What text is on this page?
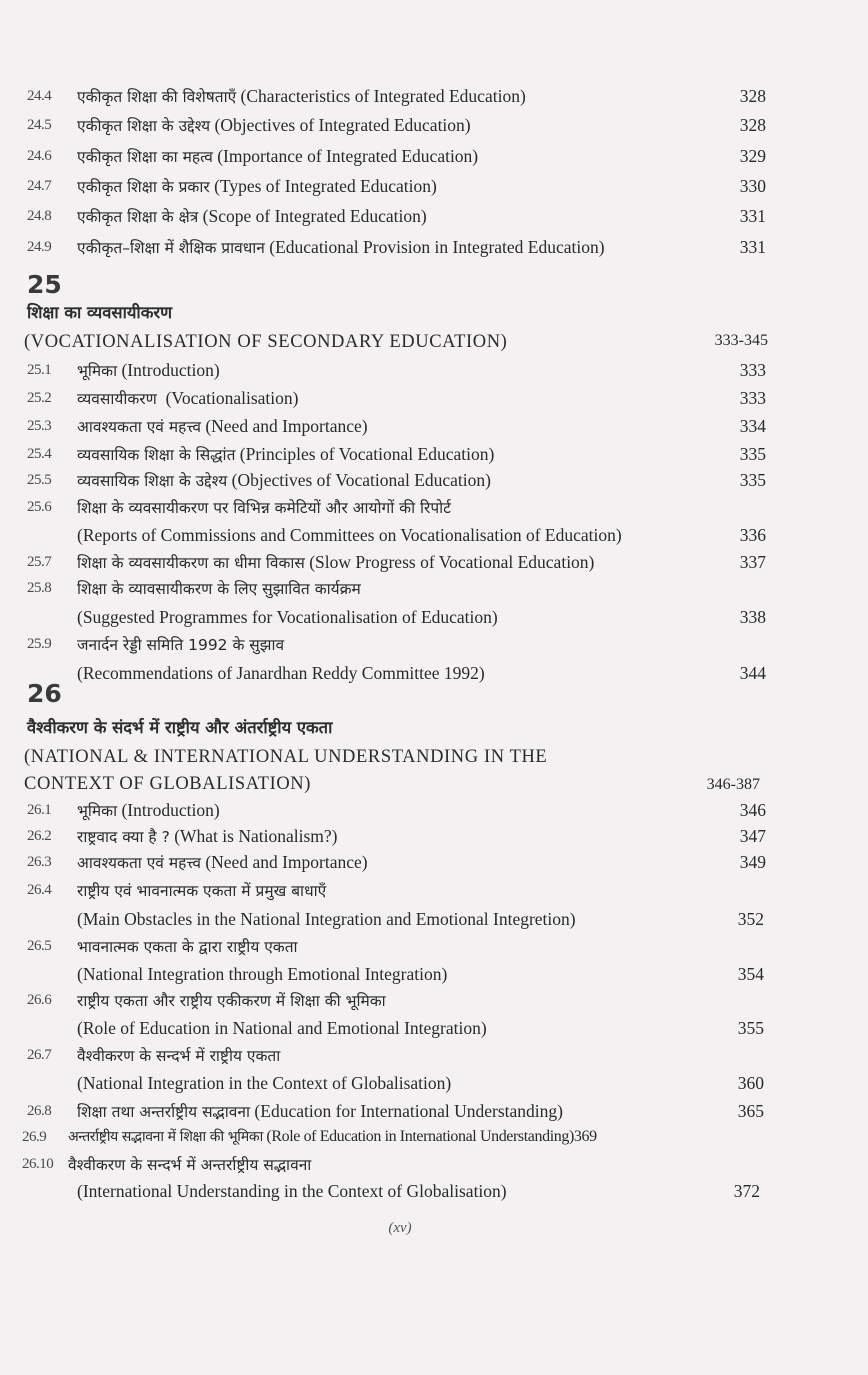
24.4 एकीकृत शिक्षा की विशेषताएँ (Characteristics of Integrated Education)	328
24.5 एकीकृत शिक्षा के उद्देश्य (Objectives of Integrated Education)	328
24.6 एकीकृत शिक्षा का महत्व (Importance of Integrated Education)	329
24.7 एकीकृत शिक्षा के प्रकार (Types of Integrated Education)	330
24.8 एकीकृत शिक्षा के क्षेत्र (Scope of Integrated Education)	331
24.9 एकीकृत–शिक्षा में शैक्षिक प्रावधान (Educational Provision in Integrated Education)	331
25
शिक्षा का व्यवसायीकरण
(VOCATIONALISATION OF SECONDARY EDUCATION)	333-345
25.1 भूमिका (Introduction)	333
25.2 व्यवसायीकरण (Vocationalisation)	333
25.3 आवश्यकता एवं महत्त्व (Need and Importance)	334
25.4 व्यवसायिक शिक्षा के सिद्धांत (Principles of Vocational Education)	335
25.5 व्यवसायिक शिक्षा के उद्देश्य (Objectives of Vocational Education)	335
25.6 शिक्षा के व्यवसायीकरण पर विभिन्न कमेटियों और आयोगों की रिपोर्ट
(Reports of Commissions and Committees on Vocationalisation of Education)	336
25.7 शिक्षा के व्यवसायीकरण का धीमा विकास (Slow Progress of Vocational Education)	337
25.8 शिक्षा के व्यावसायीकरण के लिए सुझावित कार्यक्रम
(Suggested Programmes for Vocationalisation of Education)	338
25.9 जनार्दन रेड्डी समिति 1992 के सुझाव
(Recommendations of Janardhan Reddy Committee 1992)	344
26
वैश्वीकरण के संदर्भ में राष्ट्रीय और अंतर्राष्ट्रीय एकता
(NATIONAL & INTERNATIONAL UNDERSTANDING IN THE
CONTEXT OF GLOBALISATION)	346-387
26.1 भूमिका (Introduction)	346
26.2 राष्ट्रवाद क्या है ? (What is Nationalism?)	347
26.3 आवश्यकता एवं महत्त्व (Need and Importance)	349
26.4 राष्ट्रीय एवं भावनात्मक एकता में प्रमुख बाधाएँ
(Main Obstacles in the National Integration and Emotional Integretion)	352
26.5 भावनात्मक एकता के द्वारा राष्ट्रीय एकता
(National Integration through Emotional Integration)	354
26.6 राष्ट्रीय एकता और राष्ट्रीय एकीकरण में शिक्षा की भूमिका
(Role of Education in National and Emotional Integration)	355
26.7 वैश्वीकरण के सन्दर्भ में राष्ट्रीय एकता
(National Integration in the Context of Globalisation)	360
26.8 शिक्षा तथा अन्तर्राष्ट्रीय सद्भावना (Education for International Understanding)	365
26.9 अन्तर्राष्ट्रीय सद्भावना में शिक्षा की भूमिका (Role of Education in International Understanding)369
26.10 वैश्वीकरण के सन्दर्भ में अन्तर्राष्ट्रीय सद्भावना
(International Understanding in the Context of Globalisation)	372
(xv)
